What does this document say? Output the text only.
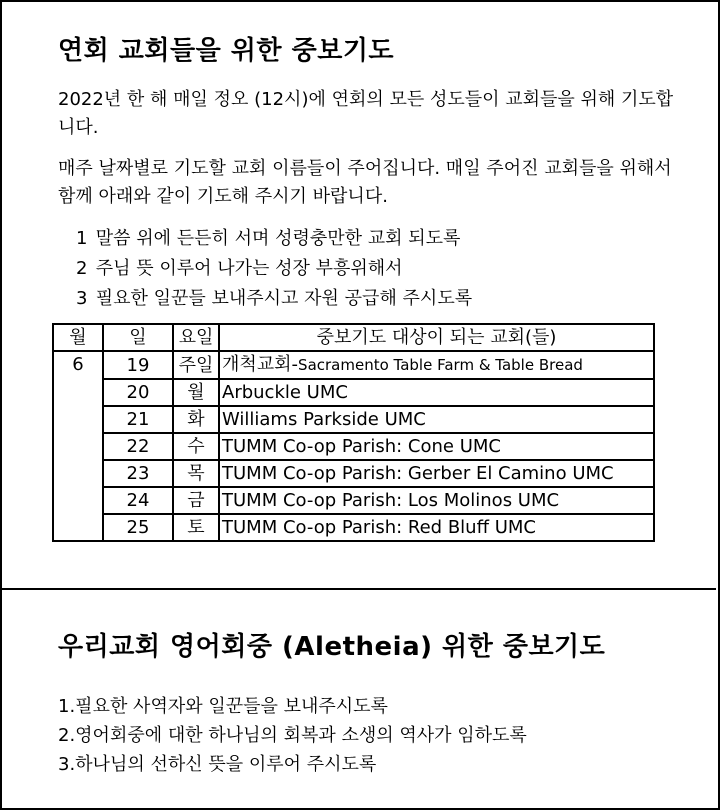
연회 교회들을 위한 중보기도

2022년 한 해 매일 정오 (12시)에 연회의 모든 성도들이 교회들을 위해 기도합니다.

매주 날짜별로 기도할 교회 이름들이 주어집니다. 매일 주어진 교회들을 위해서 함께 아래와 같이 기도해 주시기 바랍니다.

1 말씀 위에 든든히 서며 성령충만한 교회 되도록
2 주님 뜻 이루어 나가는 성장 부흥위해서
3 필요한 일꾼들 보내주시고 자원 공급해 주시도록
월	일	요일	중보기도 대상이 되는 교회(들)
6	19	주일	개척교회-Sacramento Table Farm & Table Bread
	20	월	Arbuckle UMC
	21	화	Williams Parkside UMC
	22	수	TUMM Co-op Parish: Cone UMC
	23	목	TUMM Co-op Parish: Gerber El Camino UMC
	24	금	TUMM Co-op Parish: Los Molinos UMC
	25	토	TUMM Co-op Parish: Red Bluff UMC
우리교회 영어회중 (Aletheia) 위한 중보기도
1.필요한 사역자와 일꾼들을 보내주시도록
2.영어회중에 대한 하나님의 회복과 소생의 역사가 임하도록
3.하나님의 선하신 뜻을 이루어 주시도록
